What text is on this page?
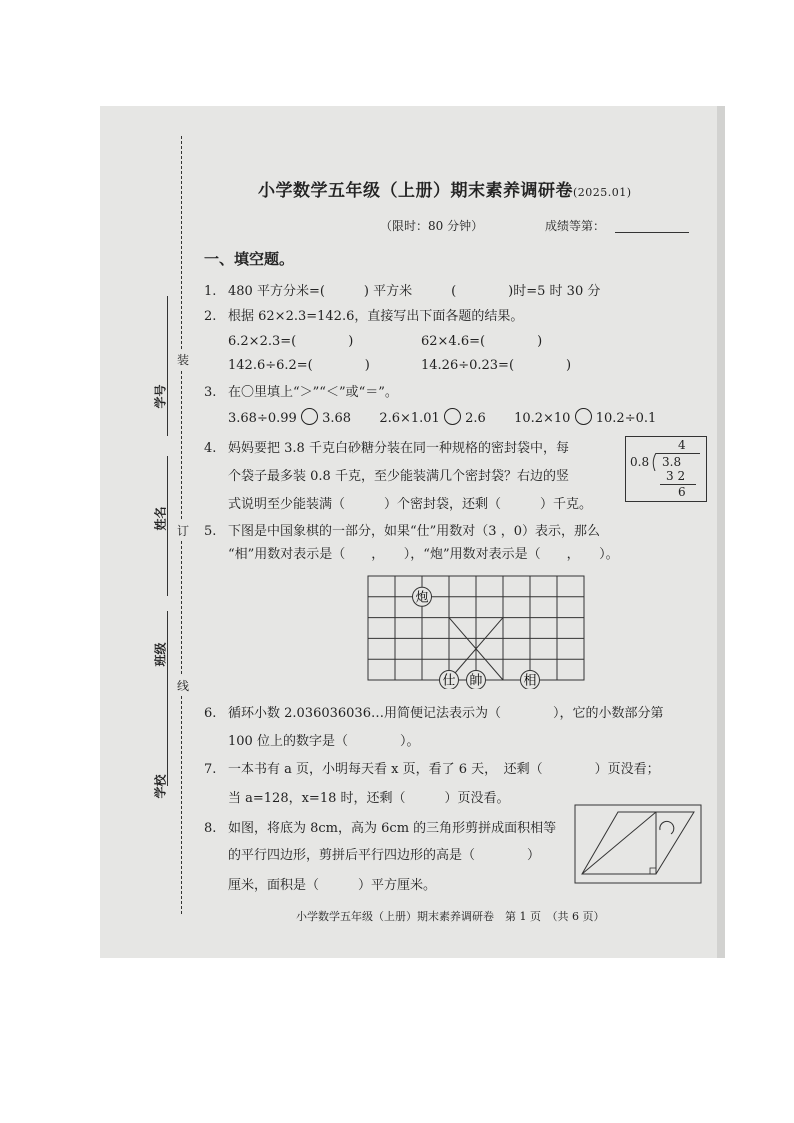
装
订
线
学号
姓名
班级
学校
小学数学五年级（上册）期末素养调研卷(2025.01)
（限时：80 分钟）	成绩等第：
一、填空题。
1. 480 平方分米=(　　　) 平方米　　　(　　　　)时=5 时 30 分
2. 根据 62×2.3=142.6，直接写出下面各题的结果。
6.2×2.3=(　　　　)	62×4.6=(　　　　)
142.6÷6.2=(　　　　)	14.26÷0.23=(　　　　)
3. 在〇里填上“＞”“＜”或“＝”。
3.68÷0.99 3.68 2.6×1.01 2.6 10.2×10 10.2÷0.1
4. 妈妈要把 3.8 千克白砂糖分装在同一种规格的密封袋中，每
个袋子最多装 0.8 千克，至少能装满几个密封袋？右边的竖
式说明至少能装满（　　　）个密封袋，还剩（　　　）千克。
4
0.8 3.8
3 2
6
5. 下图是中国象棋的一部分，如果“仕”用数对（3 ，0）表示，那么
“相”用数对表示是（　　，　　），“炮”用数对表示是（　　，　　）。
炮
仕 帥	相
6. 循环小数 2.036036036…用简便记法表示为（　　　　），它的小数部分第
100 位上的数字是（　　　　）。
7. 一本书有 a 页，小明每天看 x 页，看了 6 天，　还剩（　　　　）页没看；
当 a=128，x=18 时，还剩（　　　）页没看。
8. 如图，将底为 8cm，高为 6cm 的三角形剪拼成面积相等
的平行四边形，剪拼后平行四边形的高是（　　　　）
厘米，面积是（　　　）平方厘米。
小学数学五年级（上册）期末素养调研卷　第 1 页　（共 6 页）
